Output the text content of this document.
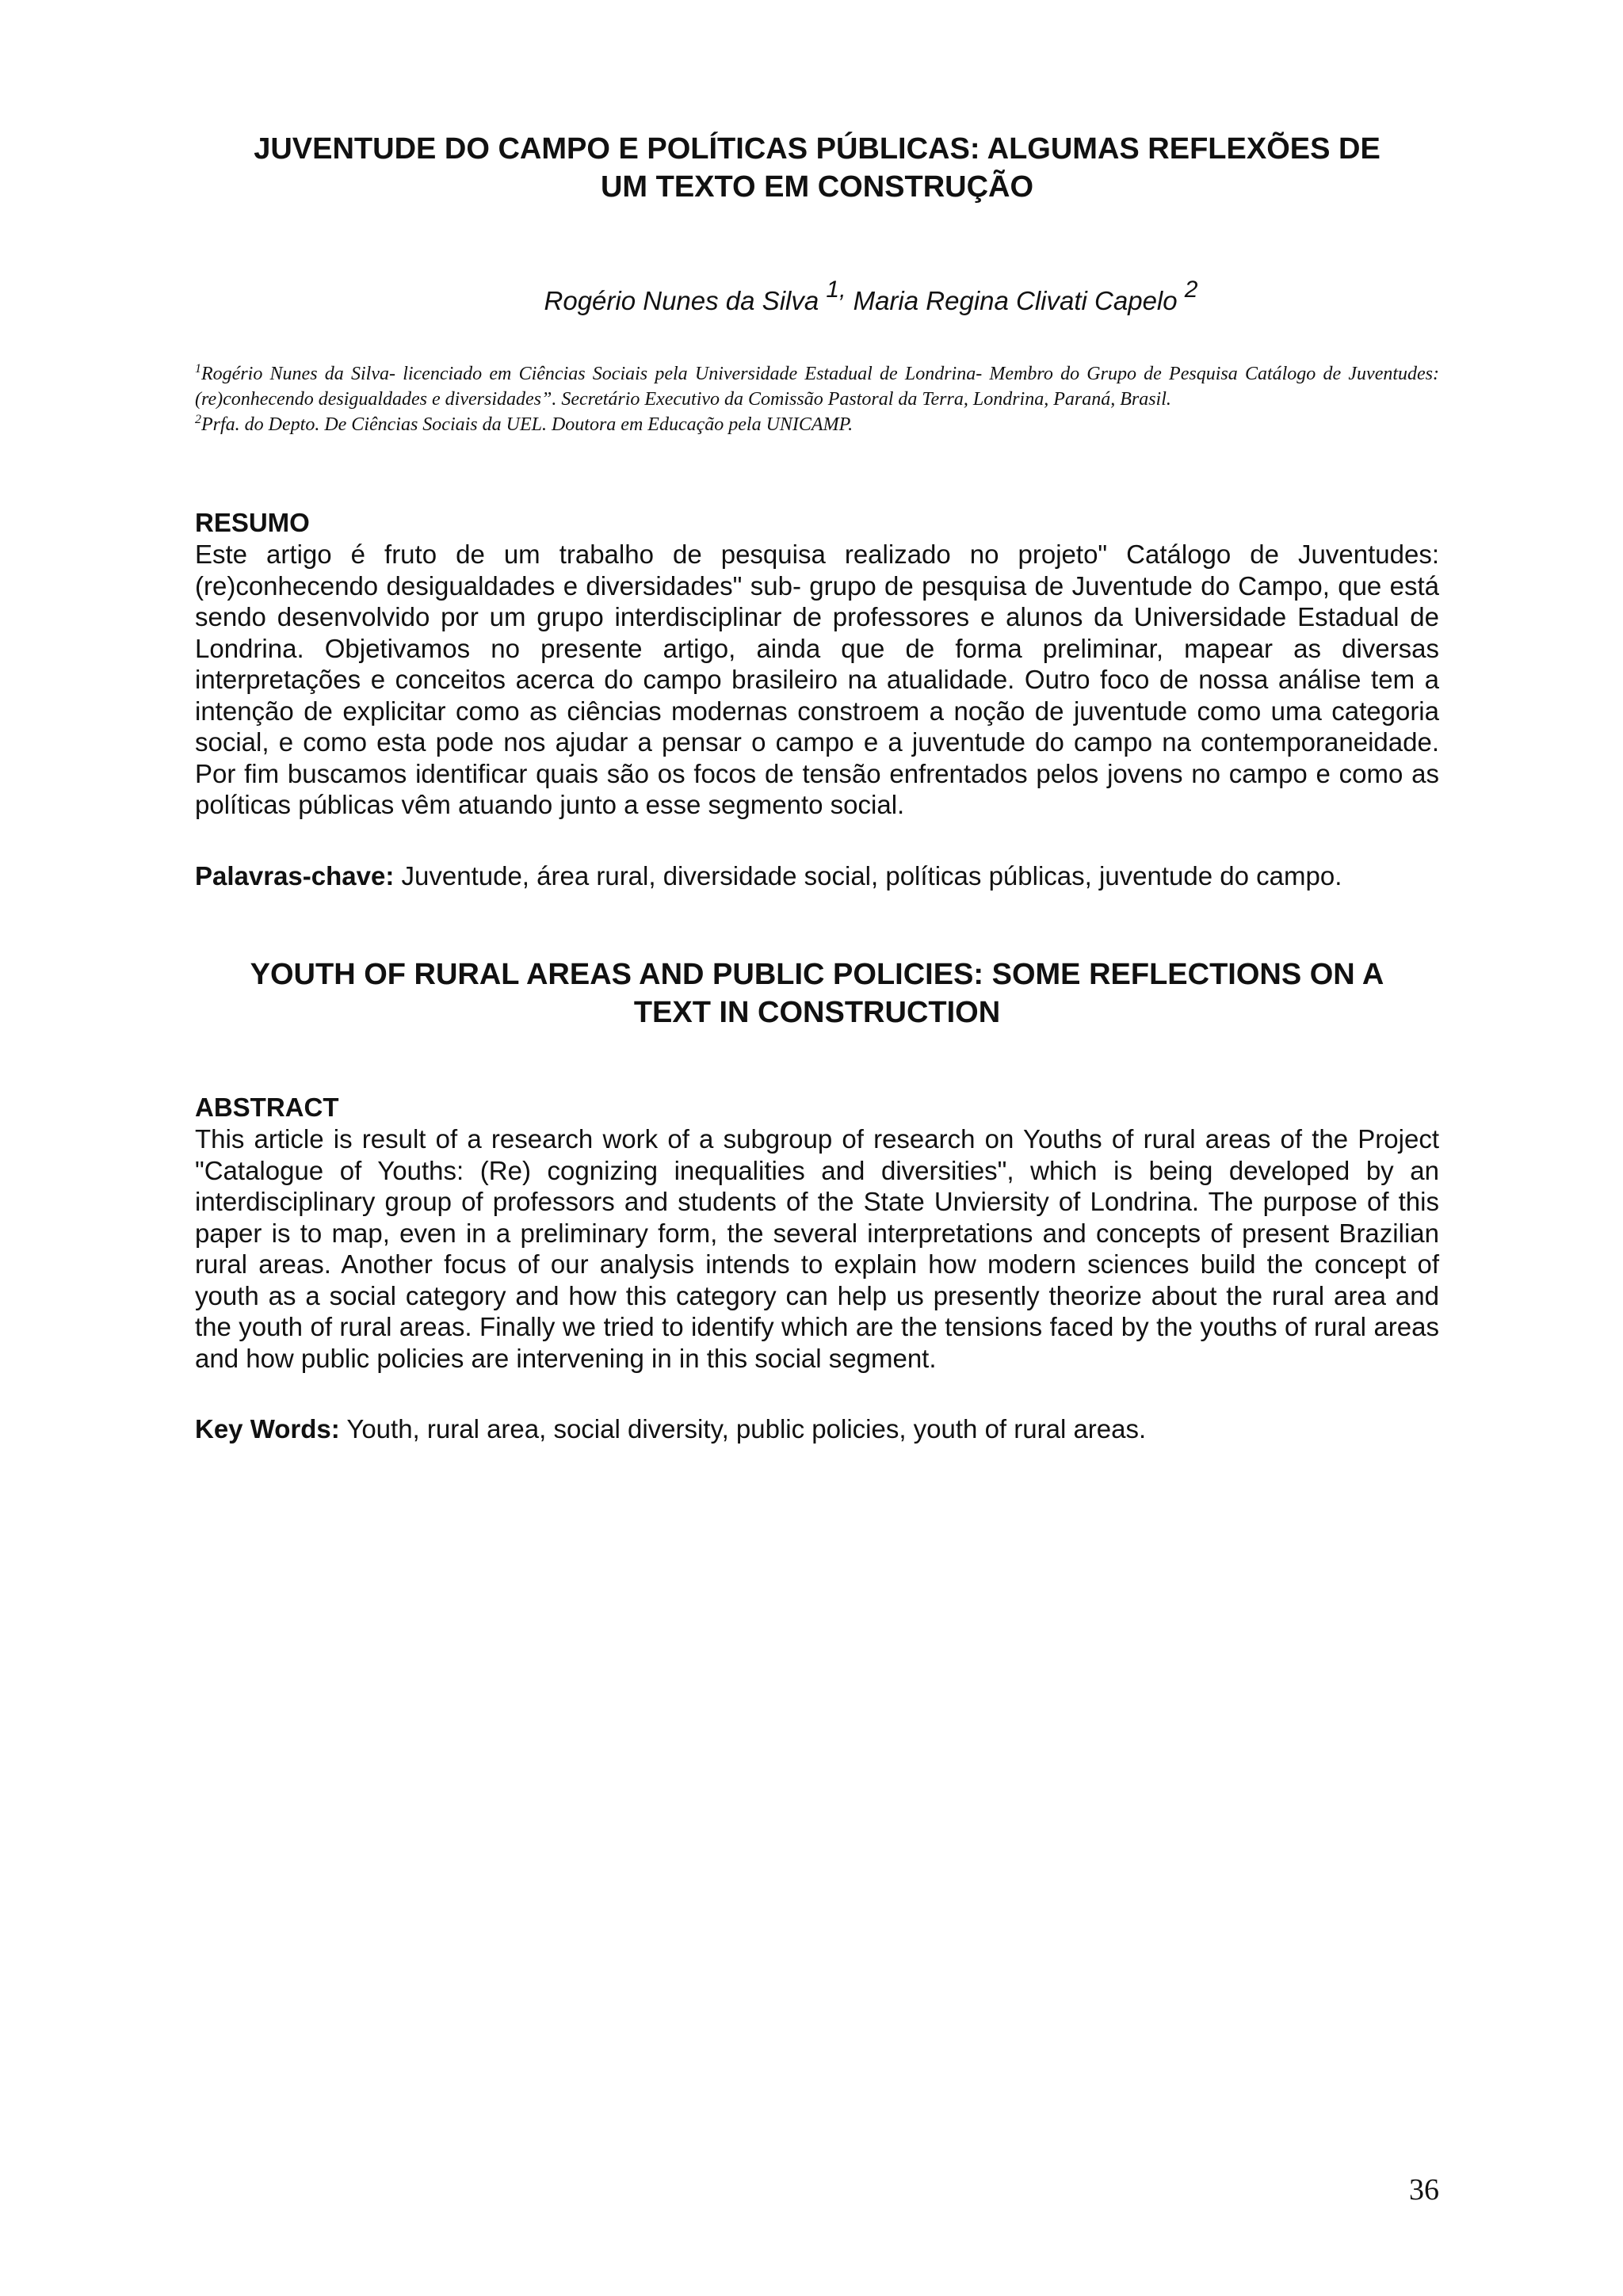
JUVENTUDE DO CAMPO E POLÍTICAS PÚBLICAS: ALGUMAS REFLEXÕES DE
UM TEXTO EM CONSTRUÇÃO
Rogério Nunes da Silva $^{1,}$ Maria Regina Clivati Capelo $^2$

$^1$Rogério Nunes da Silva- licenciado em Ciências Sociais pela Universidade Estadual de Londrina- Membro do Grupo de Pesquisa Catálogo de Juventudes: (re)conhecendo desigualdades e diversidades”. Secretário Executivo da Comissão Pastoral da Terra, Londrina, Paraná, Brasil.

$^2$Prfa. do Depto. De Ciências Sociais da UEL. Doutora em Educação pela UNICAMP.

RESUMO

Este artigo é fruto de um trabalho de pesquisa realizado no projeto" Catálogo de Juventudes: (re)conhecendo desigualdades e diversidades" sub- grupo de pesquisa de Juventude do Campo, que está sendo desenvolvido por um grupo interdisciplinar de professores e alunos da Universidade Estadual de Londrina. Objetivamos no presente artigo, ainda que de forma preliminar, mapear as diversas interpretações e conceitos acerca do campo brasileiro na atualidade. Outro foco de nossa análise tem a intenção de explicitar como as ciências modernas constroem a noção de juventude como uma categoria social, e como esta pode nos ajudar a pensar o campo e a juventude do campo na contemporaneidade. Por fim buscamos identificar quais são os focos de tensão enfrentados pelos jovens no campo e como as políticas públicas vêm atuando junto a esse segmento social.

Palavras-chave: Juventude, área rural, diversidade social, políticas públicas, juventude do campo.

YOUTH OF RURAL AREAS AND PUBLIC POLICIES: SOME REFLECTIONS ON A
TEXT IN CONSTRUCTION
ABSTRACT

This article is result of a research work of a subgroup of research on Youths of rural areas of the Project "Catalogue of Youths: (Re) cognizing inequalities and diversities", which is being developed by an interdisciplinary group of professors and students of the State Unviersity of Londrina. The purpose of this paper is to map, even in a preliminary form, the several interpretations and concepts of present Brazilian rural areas. Another focus of our analysis intends to explain how modern sciences build the concept of youth as a social category and how this category can help us presently theorize about the rural area and the youth of rural areas. Finally we tried to identify which are the tensions faced by the youths of rural areas and how public policies are intervening in in this social segment.

Key Words: Youth, rural area, social diversity, public policies, youth of rural areas.

36
